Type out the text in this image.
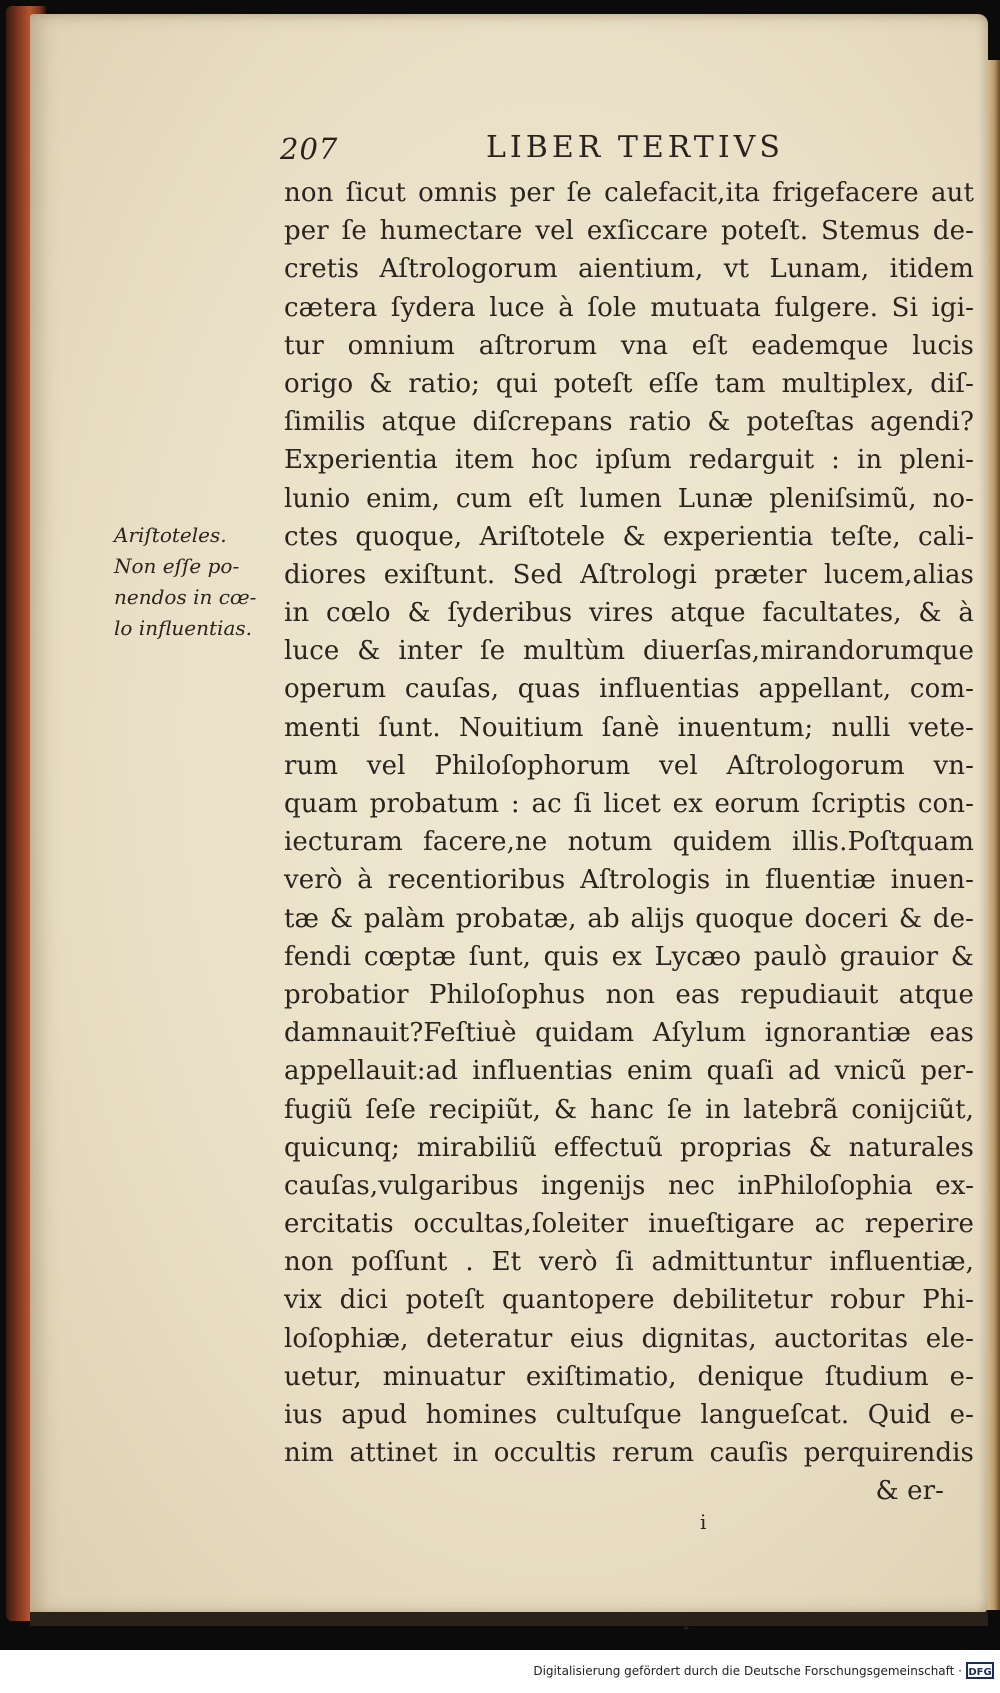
207	LIBER TERTIVS
Ariſtoteles.
Non eſſe po-
nendos in cœ-
lo influentias.
non ſicut omnis per ſe calefacit,ita frigefacere aut
per ſe humectare vel exſiccare poteſt. Stemus de-
cretis Aſtrologorum aientium, vt Lunam, itidem
cætera ſydera luce à ſole mutuata fulgere. Si igi-
tur omnium aſtrorum vna eſt eademque lucis
origo & ratio; qui poteſt eſſe tam multiplex, diſ-
ſimilis atque diſcrepans ratio & poteſtas agendi?
Experientia item hoc ipſum redarguit : in pleni-
lunio enim, cum eſt lumen Lunæ pleniſsimũ, no-
ctes quoque, Ariſtotele & experientia teſte, cali-
diores exiſtunt. Sed Aſtrologi præter lucem,alias
in cœlo & ſyderibus vires atque facultates, & à
luce & inter ſe multùm diuerſas,mirandorumque
operum cauſas, quas influentias appellant, com-
menti ſunt. Nouitium ſanè inuentum; nulli vete-
rum vel Philoſophorum vel Aſtrologorum vn-
quam probatum : ac ſi licet ex eorum ſcriptis con-
iecturam facere,ne notum quidem illis.Poſtquam
verò à recentioribus Aſtrologis in fluentiæ inuen-
tæ & palàm probatæ, ab alijs quoque doceri & de-
fendi cœptæ ſunt, quis ex Lycæo paulò grauior &
probatior Philoſophus non eas repudiauit atque
damnauit?Feſtiuè quidam Aſylum ignorantiæ eas
appellauit:ad influentias enim quaſi ad vnicũ per-
fugiũ ſeſe recipiũt, & hanc ſe in latebrã conijciũt,
quicunq; mirabiliũ effectuũ proprias & naturales
cauſas,vulgaribus ingenijs nec inPhiloſophia ex-
ercitatis occultas,ſoleiter inueſtigare ac reperire
non poſſunt . Et verò ſi admittuntur influentiæ,
vix dici poteſt quantopere debilitetur robur Phi-
loſophiæ, deteratur eius dignitas, auctoritas ele-
uetur, minuatur exiſtimatio, denique ſtudium e-
ius apud homines cultuſque langueſcat. Quid e-
nim attinet in occultis rerum cauſis perquirendis
& er-
ⅰ
ı
Digitalisierung gefördert durch die Deutsche Forschungsgemeinschaft · DFG
